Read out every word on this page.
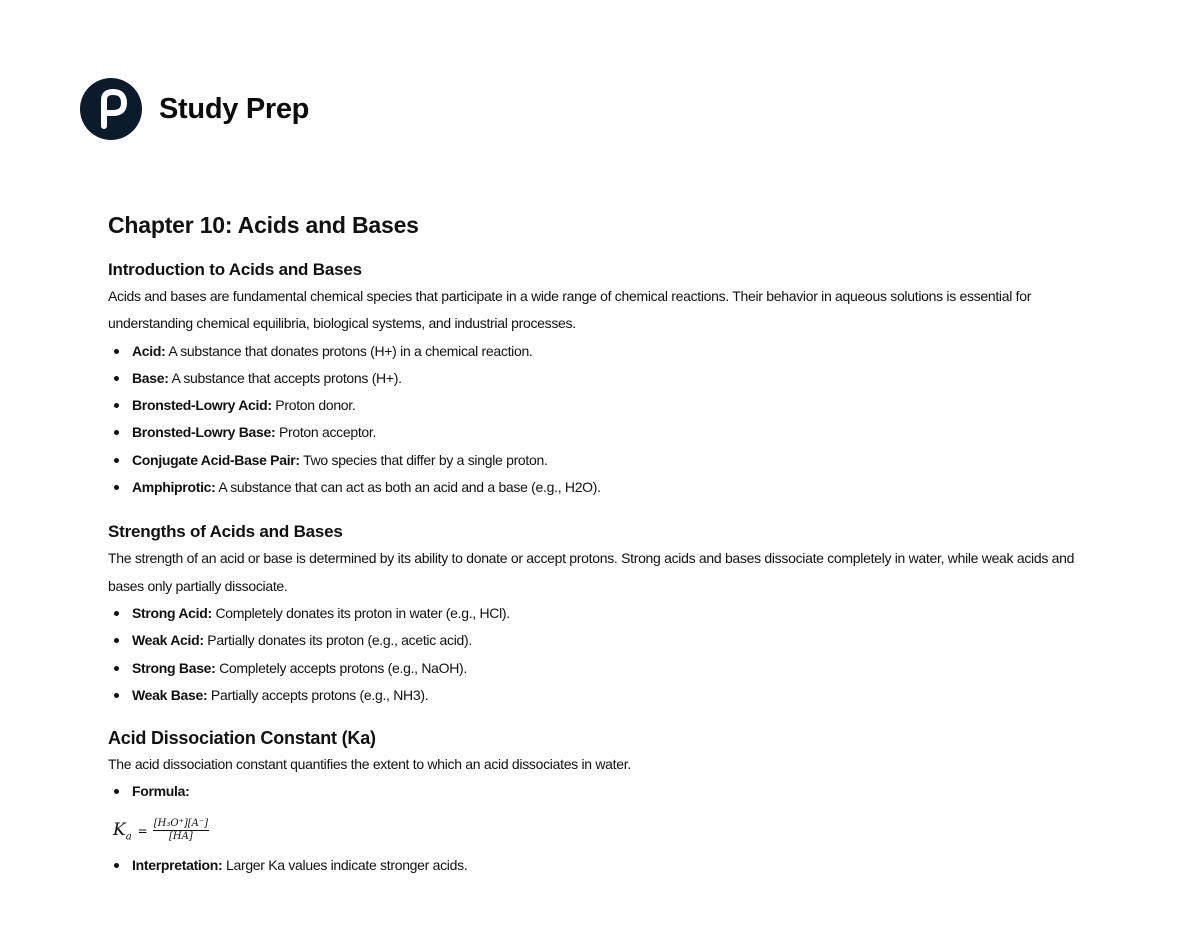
Study Prep
Chapter 10: Acids and Bases
Introduction to Acids and Bases

Acids and bases are fundamental chemical species that participate in a wide range of chemical reactions. Their behavior in aqueous solutions is essential for understanding chemical equilibria, biological systems, and industrial processes.

Acid: A substance that donates protons (H+) in a chemical reaction.
Base: A substance that accepts protons (H+).
Bronsted-Lowry Acid: Proton donor.
Bronsted-Lowry Base: Proton acceptor.
Conjugate Acid-Base Pair: Two species that differ by a single proton.
Amphiprotic: A substance that can act as both an acid and a base (e.g., H2O).
Strengths of Acids and Bases

The strength of an acid or base is determined by its ability to donate or accept protons. Strong acids and bases dissociate completely in water, while weak acids and bases only partially dissociate.

Strong Acid: Completely donates its proton in water (e.g., HCl).
Weak Acid: Partially donates its proton (e.g., acetic acid).
Strong Base: Completely accepts protons (e.g., NaOH).
Weak Base: Partially accepts protons (e.g., NH3).
Acid Dissociation Constant (Ka)

The acid dissociation constant quantifies the extent to which an acid dissociates in water.

Formula:
$K_a = \frac{\text{[H₃O⁺][A⁻]}}{[HA]}$
Interpretation: Larger Ka values indicate stronger acids.
